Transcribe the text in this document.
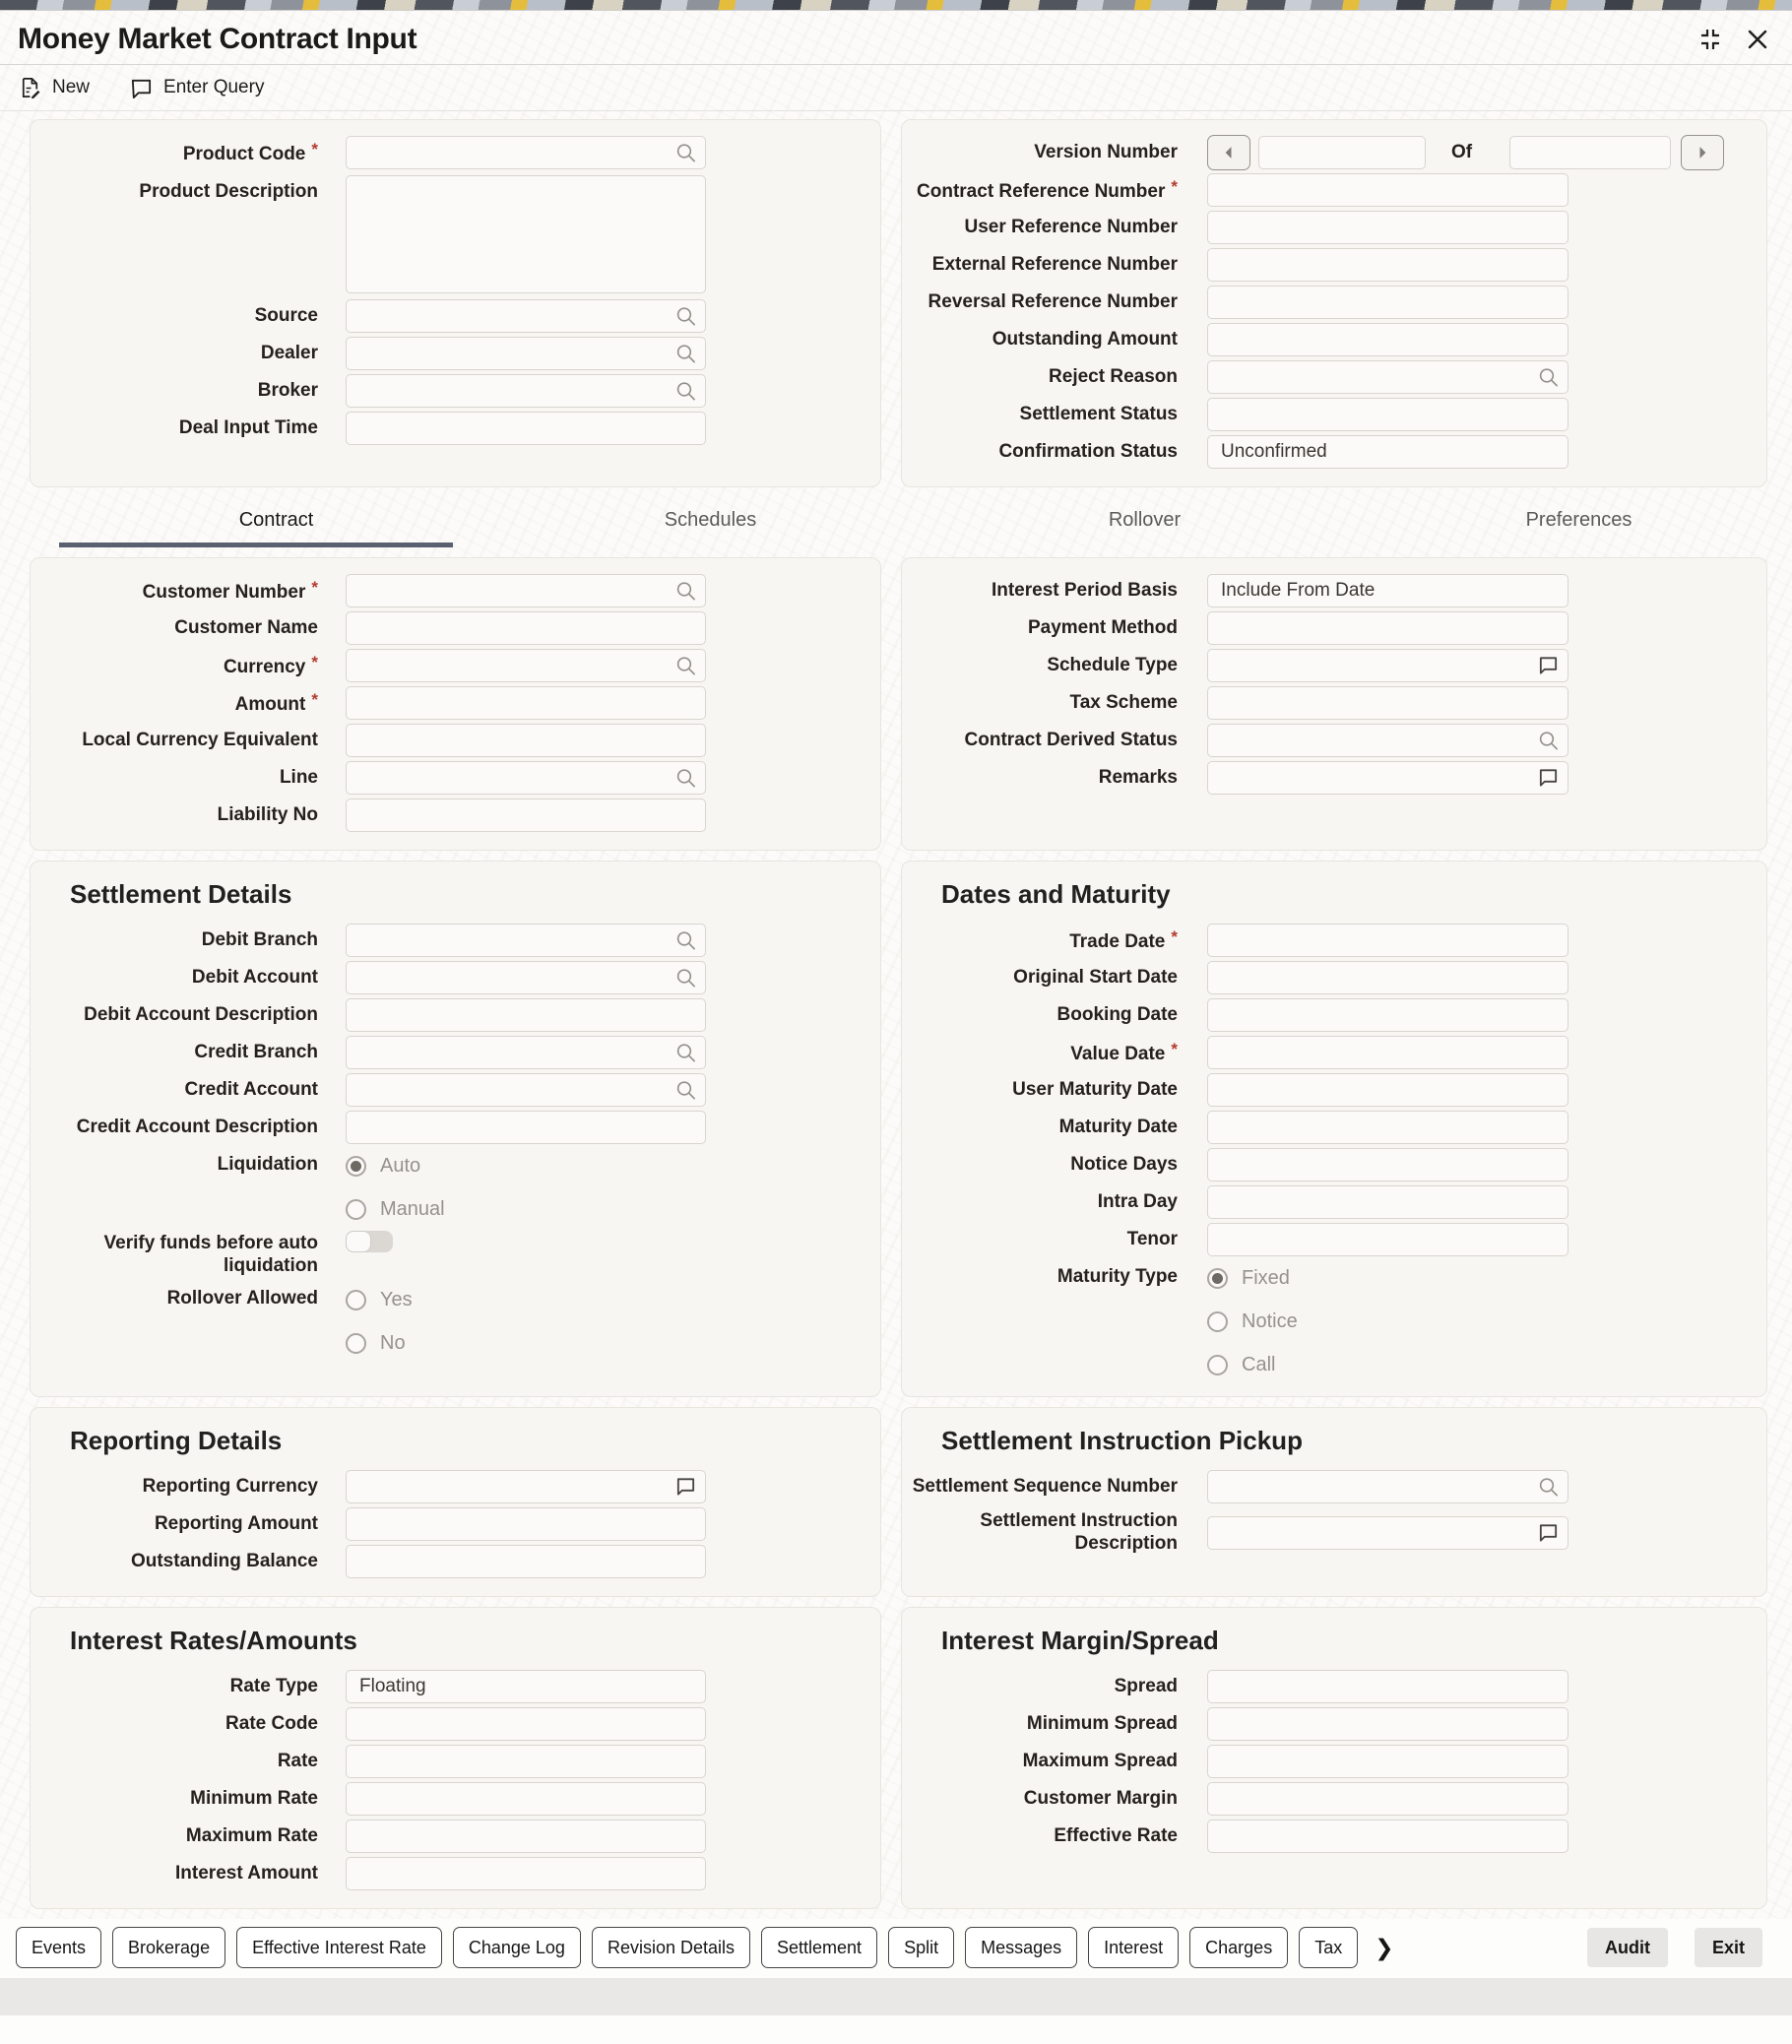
Money Market Contract Input
New	Enter Query
Product Code *
Product Description
Source
Dealer
Broker
Deal Input Time
Version Number	Of
Contract Reference Number *
User Reference Number
External Reference Number
Reversal Reference Number
Outstanding Amount
Reject Reason
Settlement Status
Confirmation Status Unconfirmed
Contract	Schedules	Rollover	Preferences
Customer Number *
Customer Name
Currency *
Amount *
Local Currency Equivalent
Line
Liability No
Interest Period Basis Include From Date
Payment Method
Schedule Type
Tax Scheme
Contract Derived Status
Remarks
Settlement Details
Debit Branch
Debit Account
Debit Account Description
Credit Branch
Credit Account
Credit Account Description
Liquidation	Auto
Manual
Verify funds before auto liquidation
Rollover Allowed	Yes
No
Dates and Maturity
Trade Date *
Original Start Date
Booking Date
Value Date *
User Maturity Date
Maturity Date
Notice Days
Intra Day
Tenor
Maturity Type	Fixed
Notice
Call
Reporting Details
Reporting Currency
Reporting Amount
Outstanding Balance
Settlement Instruction Pickup
Settlement Sequence Number
Settlement Instruction Description
Interest Rates/Amounts
Rate Type Floating
Rate Code
Rate
Minimum Rate
Maximum Rate
Interest Amount
Interest Margin/Spread
Spread
Minimum Spread
Maximum Spread
Customer Margin
Effective Rate
Events	Brokerage	Effective Interest Rate	Change Log	Revision Details	Settlement	Split	Messages	Interest	Charges	Tax	❯	Audit	Exit
